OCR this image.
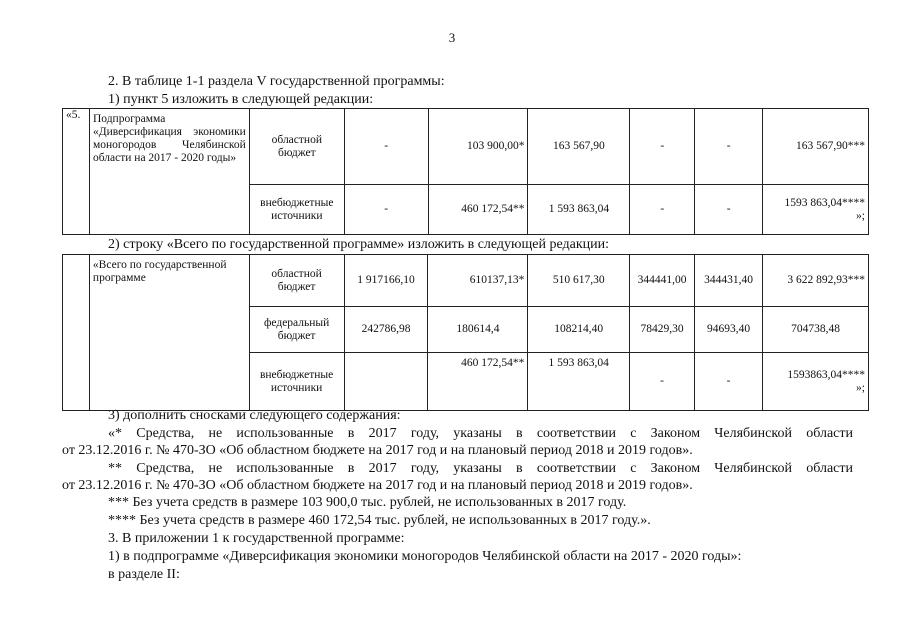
3
2. В таблице 1-1 раздела V государственной программы:
1) пункт 5 изложить в следующей редакции:
«5.	Подпрограмма «Диверсификация экономики моногородов Челябинской области на 2017 - 2020 годы»	областной бюджет	-	103 900,00*	163 567,90	-	-	163 567,90***
		внебюджетные источники	-	460 172,54**	1 593 863,04	-	-	1593 863,04****
»;
2) строку «Всего по государственной программе» изложить в следующей редакции:
	«Всего по государственной программе	областной бюджет	1 917166,10	610137,13*	510 617,30	344441,00	344431,40	3 622 892,93***
		федеральный бюджет	242786,98	180614,4	108214,40	78429,30	94693,40	704738,48
		внебюджетные источники		460 172,54**	1 593 863,04	-	-	1593863,04****
»;
3) дополнить сносками следующего содержания:
«* Средства, не использованные в 2017 году, указаны в соответствии с Законом Челябинской области
от 23.12.2016 г. № 470-ЗО «Об областном бюджете на 2017 год и на плановый период 2018 и 2019 годов».
** Средства, не использованные в 2017 году, указаны в соответствии с Законом Челябинской области
от 23.12.2016 г. № 470-ЗО «Об областном бюджете на 2017 год и на плановый период 2018 и 2019 годов».
*** Без учета средств в размере 103 900,0 тыс. рублей, не использованных в 2017 году.
**** Без учета средств в размере 460 172,54 тыс. рублей, не использованных в 2017 году.».
3. В приложении 1 к государственной программе:
1) в подпрограмме «Диверсификация экономики моногородов Челябинской области на 2017 - 2020 годы»:
в разделе II:
